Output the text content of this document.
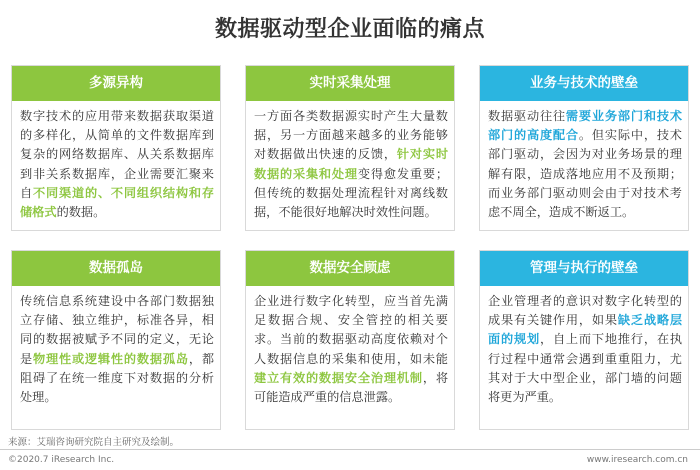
数据驱动型企业面临的痛点
多源异构
数字技术的应用带来数据获取渠道的多样化，从简单的文件数据库到复杂的网络数据库、从关系数据库到非关系数据库，企业需要汇聚来自不同渠道的、不同组织结构和存储格式的数据。
实时采集处理
一方面各类数据源实时产生大量数据，另一方面越来越多的业务能够对数据做出快速的反馈，针对实时数据的采集和处理变得愈发重要；但传统的数据处理流程针对离线数据，不能很好地解决时效性问题。
业务与技术的壁垒
数据驱动往往需要业务部门和技术部门的高度配合。但实际中，技术部门驱动，会因为对业务场景的理解有限，造成落地应用不及预期；而业务部门驱动则会由于对技术考虑不周全，造成不断返工。
数据孤岛
传统信息系统建设中各部门数据独立存储、独立维护，标准各异，相同的数据被赋予不同的定义，无论是物理性或逻辑性的数据孤岛，都阻碍了在统一维度下对数据的分析处理。
数据安全顾虑
企业进行数字化转型，应当首先满足数据合规、安全管控的相关要求。当前的数据驱动高度依赖对个人数据信息的采集和使用，如未能建立有效的数据安全治理机制，将可能造成严重的信息泄露。
管理与执行的壁垒
企业管理者的意识对数字化转型的成果有关键作用，如果缺乏战略层面的规划，自上而下地推行，在执行过程中通常会遇到重重阻力，尤其对于大中型企业，部门墙的问题将更为严重。
来源：艾瑞咨询研究院自主研究及绘制。
©2020.7 iResearch Inc.	www.iresearch.com.cn
